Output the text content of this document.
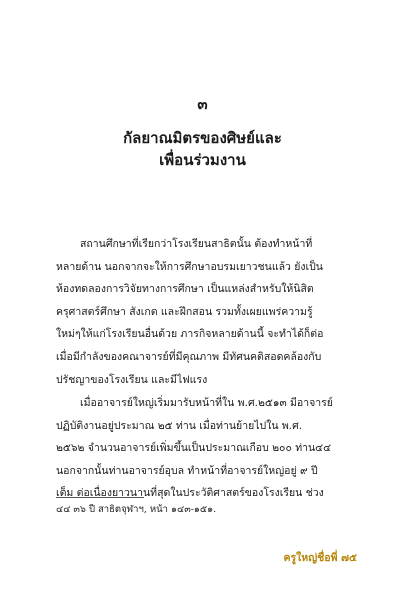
๓
กัลยาณมิตรของศิษย์และ
เพื่อนร่วมงาน

สถานศึกษาที่เรียกว่าโรงเรียนสาธิตนั้น ต้องทำหน้าที่
หลายด้าน นอกจากจะให้การศึกษาอบรมเยาวชนแล้ว ยังเป็น
ห้องทดลองการวิจัยทางการศึกษา เป็นแหล่งสำหรับให้นิสิต
ครุศาสตร์ศึกษา สังเกต และฝึกสอน รวมทั้งเผยแพร่ความรู้
ใหม่ๆให้แก่โรงเรียนอื่นด้วย ภารกิจหลายด้านนี้ จะทำได้ก็ต่อ
เมื่อมีกำลังของคณาจารย์ที่มีคุณภาพ มีทัศนคติสอดคล้องกับ
ปรัชญาของโรงเรียน และมีไฟแรง

เมื่ออาจารย์ใหญ่เริ่มมารับหน้าที่ใน พ.ศ.๒๕๑๓ มีอาจารย์
ปฏิบัติงานอยู่ประมาณ ๒๕ ท่าน เมื่อท่านย้ายไปใน พ.ศ.
๒๕๖๒ จำนวนอาจารย์เพิ่มขึ้นเป็นประมาณเกือบ ๒๐๐ ท่าน๔๔
นอกจากนั้นท่านอาจารย์อุบล ทำหน้าที่อาจารย์ใหญ่อยู่ ๙ ปี
เต็ม ต่อเนื่องยาวนานที่สุดในประวัติศาสตร์ของโรงเรียน ช่วง

๔๔ ๓๖ ปี สาธิตจุฬาฯ, หน้า ๑๔๓-๑๕๑.
ครูใหญ่ชื่อพี่ ๗๕
